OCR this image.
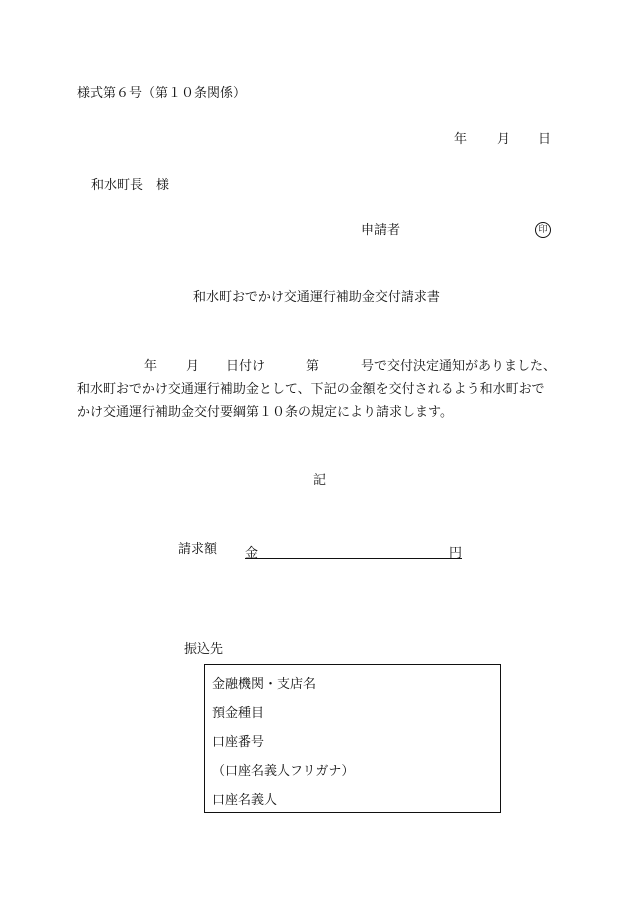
様式第６号（第１０条関係）
年 月 日
和水町長　様
申請者	印
和水町おでかけ交通運行補助金交付請求書
年 月 日付け	第	号で交付決定通知がありました、
和水町おでかけ交通運行補助金として、下記の金額を交付されるよう和水町おで
かけ交通運行補助金交付要綱第１０条の規定により請求します。
記
請求額 金	円
振込先
金融機関・支店名
預金種目
口座番号
（口座名義人フリガナ）
口座名義人
